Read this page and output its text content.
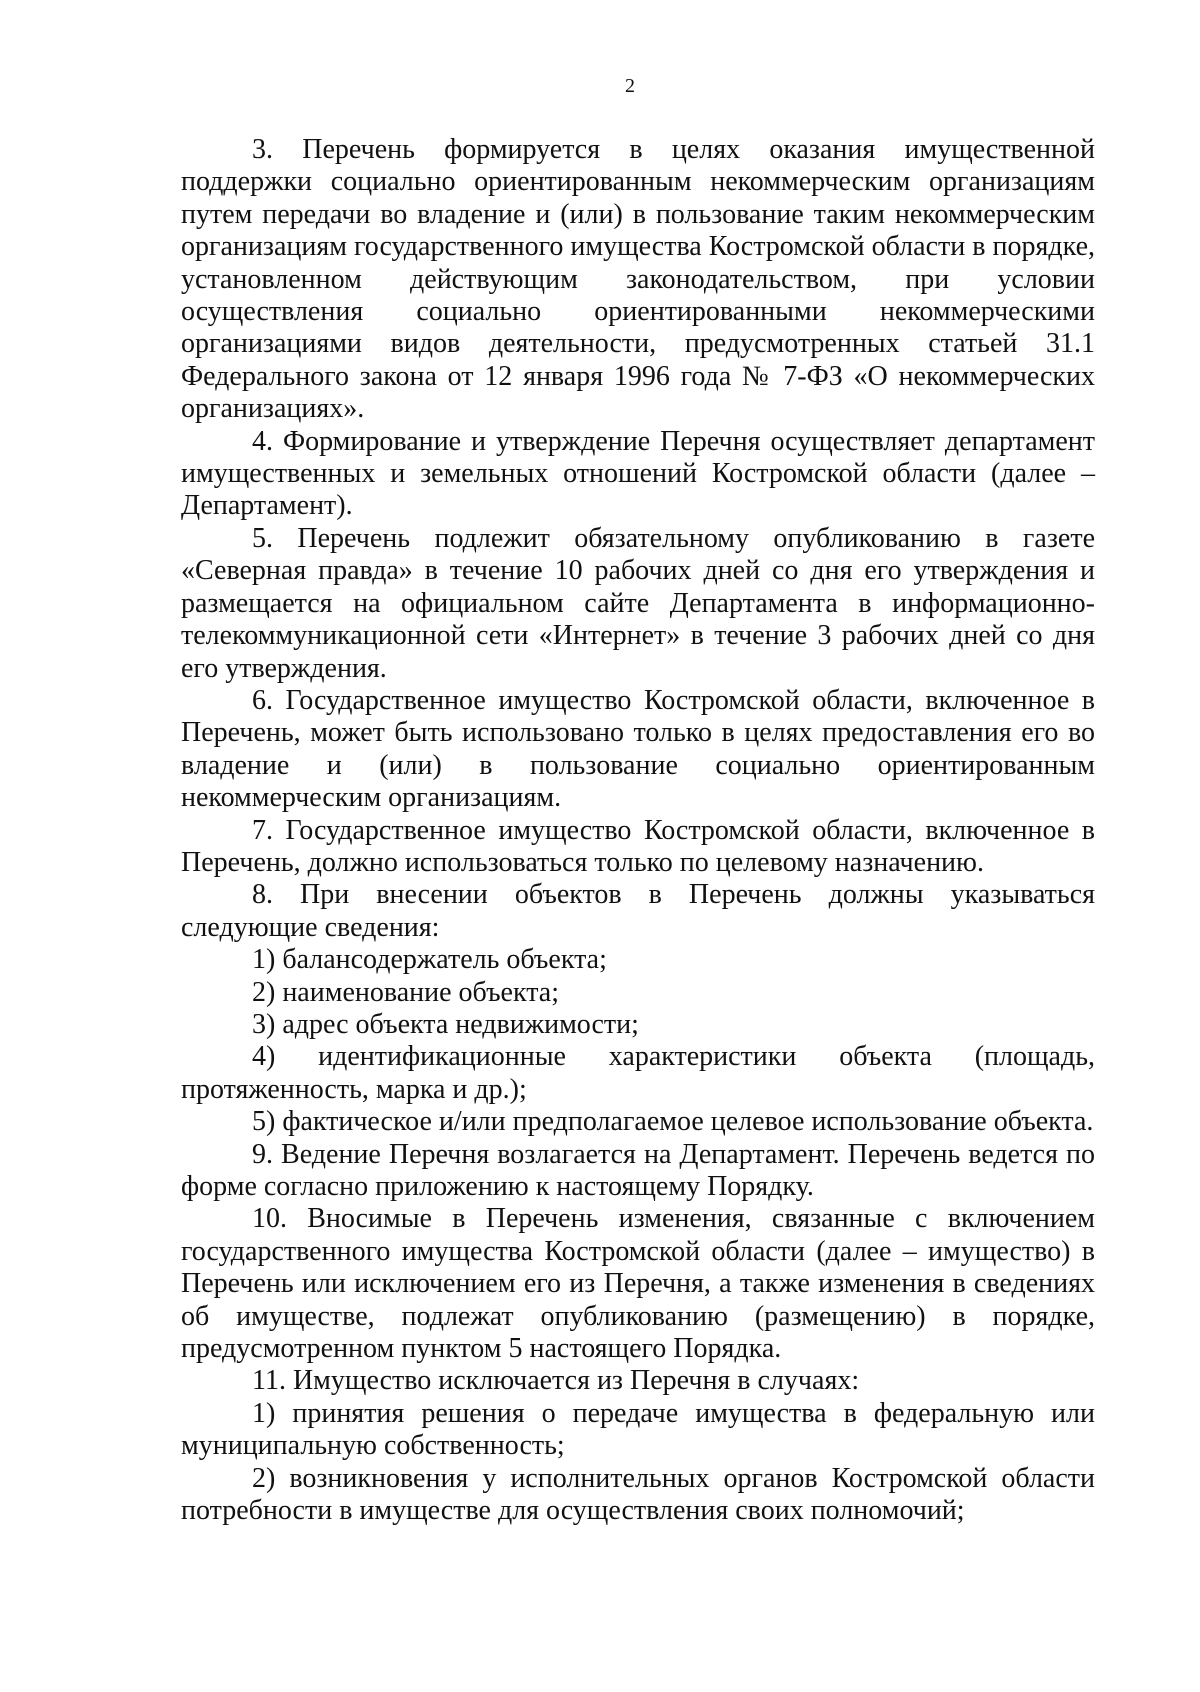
2

3. Перечень формируется в целях оказания имущественной поддержки социально ориентированным некоммерческим организациям путем передачи во владение и (или) в пользование таким некоммерческим организациям государственного имущества Костромской области в порядке, установленном действующим законодательством, при условии осуществления социально ориентированными некоммерческими организациями видов деятельности, предусмотренных статьей 31.1 Федерального закона от 12 января 1996 года № 7-ФЗ «О некоммерческих организациях».

4. Формирование и утверждение Перечня осуществляет департамент имущественных и земельных отношений Костромской области (далее – Департамент).

5. Перечень подлежит обязательному опубликованию в газете «Северная правда» в течение 10 рабочих дней со дня его утверждения и размещается на официальном сайте Департамента в информационно-телекоммуникационной сети «Интернет» в течение 3 рабочих дней со дня его утверждения.

6. Государственное имущество Костромской области, включенное в Перечень, может быть использовано только в целях предоставления его во владение и (или) в пользование социально ориентированным некоммерческим организациям.

7. Государственное имущество Костромской области, включенное в Перечень, должно использоваться только по целевому назначению.

8. При внесении объектов в Перечень должны указываться следующие сведения:

1) балансодержатель объекта;

2) наименование объекта;

3) адрес объекта недвижимости;

4) идентификационные характеристики объекта (площадь, протяженность, марка и др.);

5) фактическое и/или предполагаемое целевое использование объекта.

9. Ведение Перечня возлагается на Департамент. Перечень ведется по форме согласно приложению к настоящему Порядку.

10. Вносимые в Перечень изменения, связанные с включением государственного имущества Костромской области (далее – имущество) в Перечень или исключением его из Перечня, а также изменения в сведениях об имуществе, подлежат опубликованию (размещению) в порядке, предусмотренном пунктом 5 настоящего Порядка.

11. Имущество исключается из Перечня в случаях:

1) принятия решения о передаче имущества в федеральную или муниципальную собственность;

2) возникновения у исполнительных органов Костромской области потребности в имуществе для осуществления своих полномочий;
